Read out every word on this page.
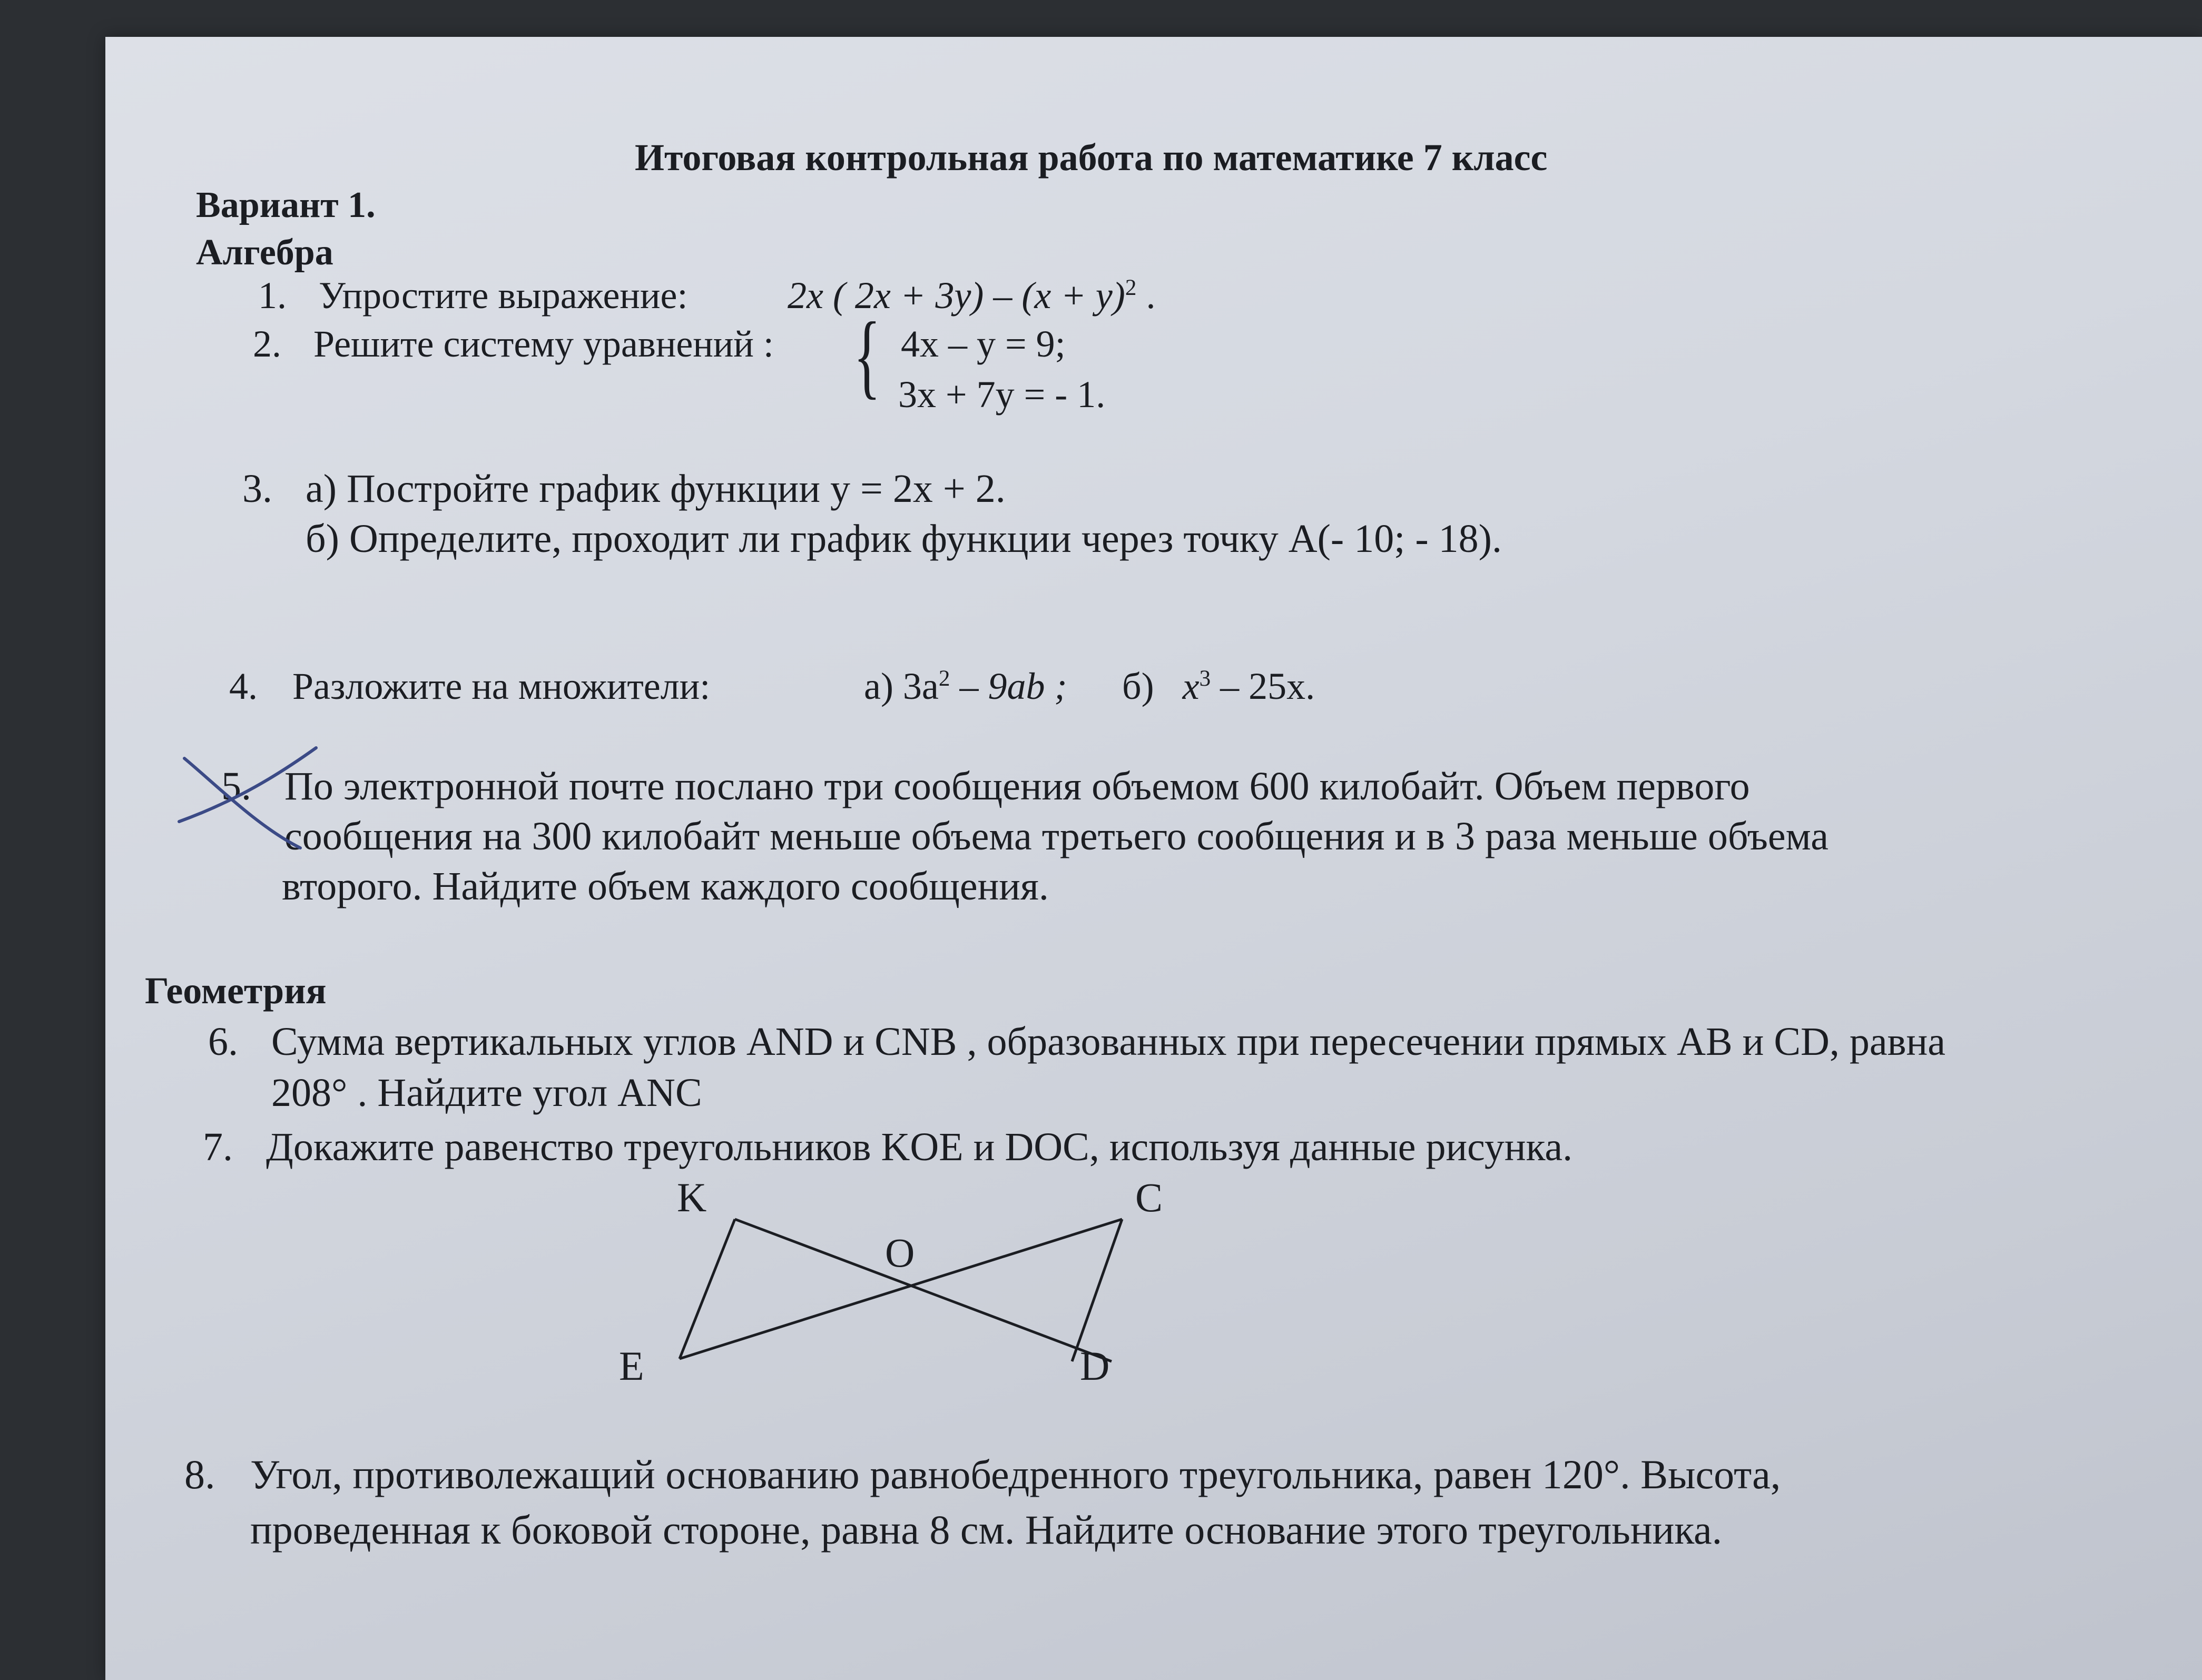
Итоговая контрольная работа по математике 7 класс
Вариант 1.
Алгебра
1. Упростите выражение:	2x ( $2x + 3y) - (x + y)^2$ .
2. Решите систему уравнений : { 4x – y = 9;
3x + 7y = - 1.
3. а) Постройте график функции y = 2x + 2.
б) Определите, проходит ли график функции через точку А(- 10; - 18).
4. Разложите на множители:	а) $3a^2 - 9ab$ ; б) $x^3 - 25x$.
5. По электронной почте послано три сообщения объемом 600 килобайт. Объем первого
сообщения на 300 килобайт меньше объема третьего сообщения и в 3 раза меньше объема
второго. Найдите объем каждого сообщения.
Геометрия
6. Сумма вертикальных углов AND и CNB , образованных при пересечении прямых AB и CD, равна
208° . Найдите угол ANC
7. Докажите равенство треугольников KOE и DOC, используя данные рисунка.
K	C
O
E	D
8. Угол, противолежащий основанию равнобедренного треугольника, равен 120°. Высота,
проведенная к боковой стороне, равна 8 см. Найдите основание этого треугольника.
